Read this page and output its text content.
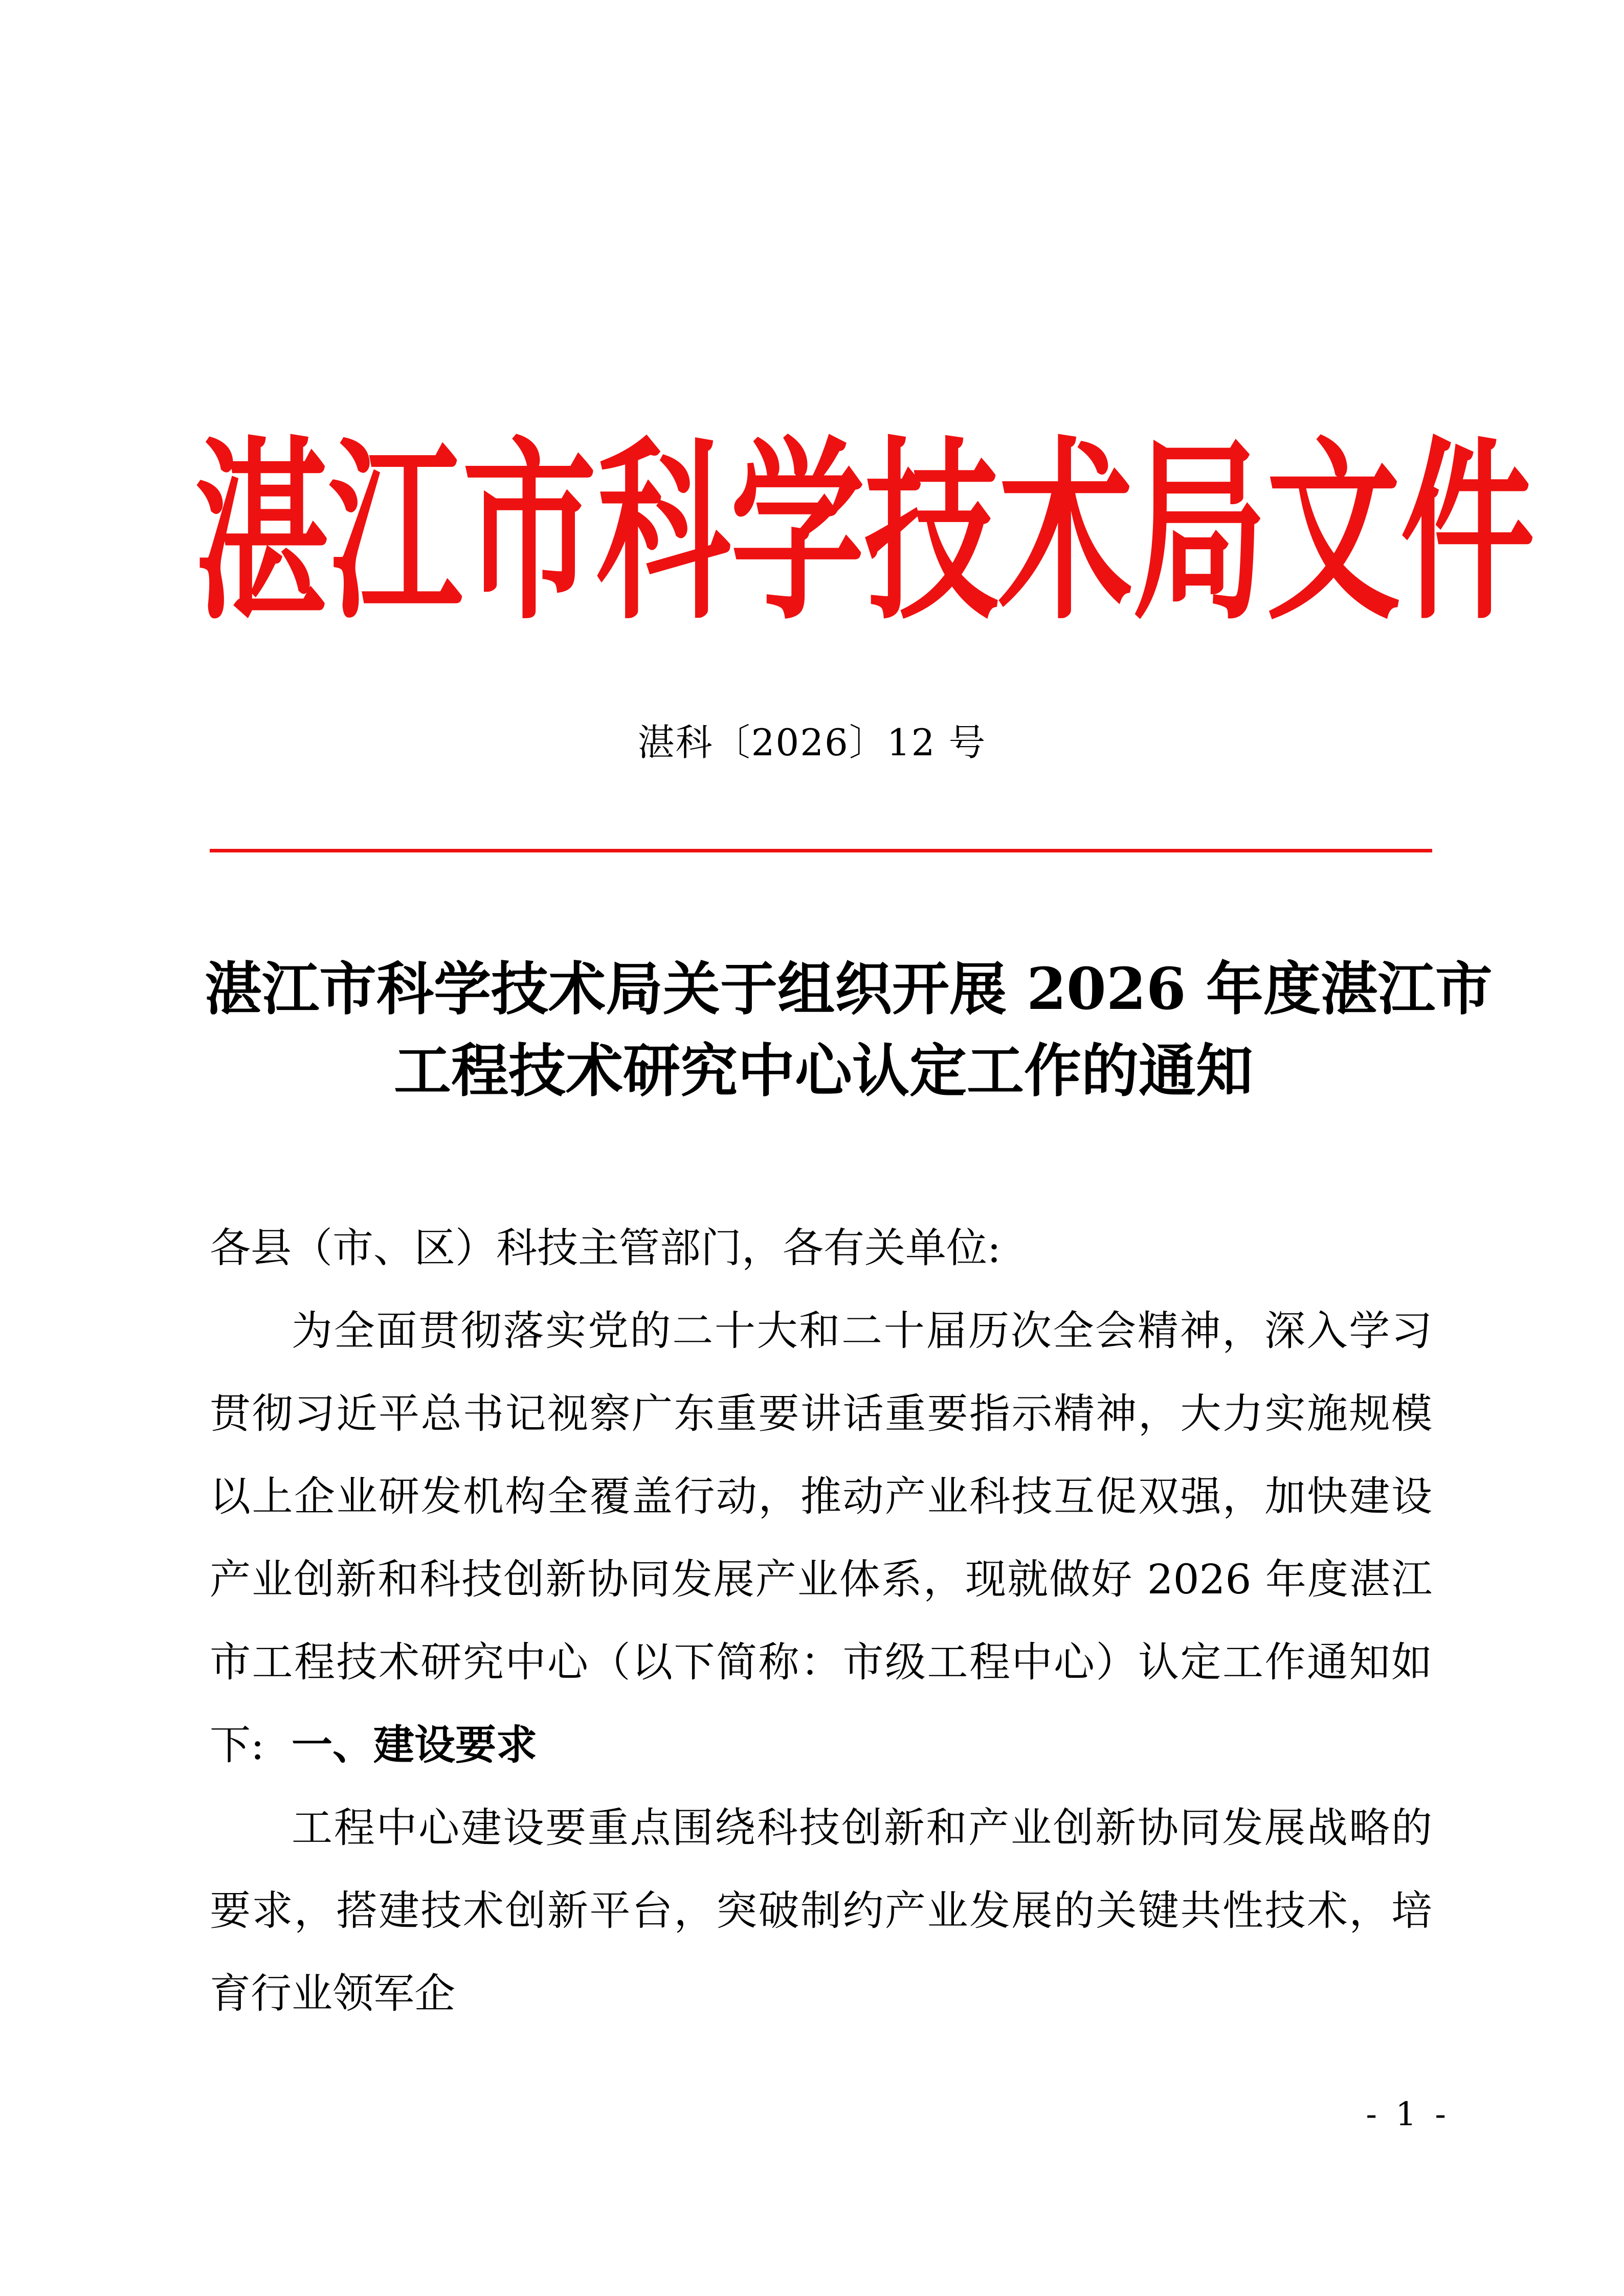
湛 江 市 科 学 技 术 局 文 件
湛科〔2026〕12 号
湛江市科学技术局关于组织开展 2026 年度湛江市
工程技术研究中心认定工作的通知
各县（市、区）科技主管部门，各有关单位:
为全面贯彻落实党的二十大和二十届历次全会精神，深入学习贯彻习近平总书记视察广东重要讲话重要指示精神，大力实施规模以上企业研发机构全覆盖行动，推动产业科技互促双强，加快建设产业创新和科技创新协同发展产业体系，现就做好 2026 年度湛江市工程技术研究中心（以下简称：市级工程中心）认定工作通知如下: 一、建设要求
工程中心建设要重点围绕科技创新和产业创新协同发展战略的要求，搭建技术创新平台，突破制约产业发展的关键共性技术，培育行业领军企
- 1 -
